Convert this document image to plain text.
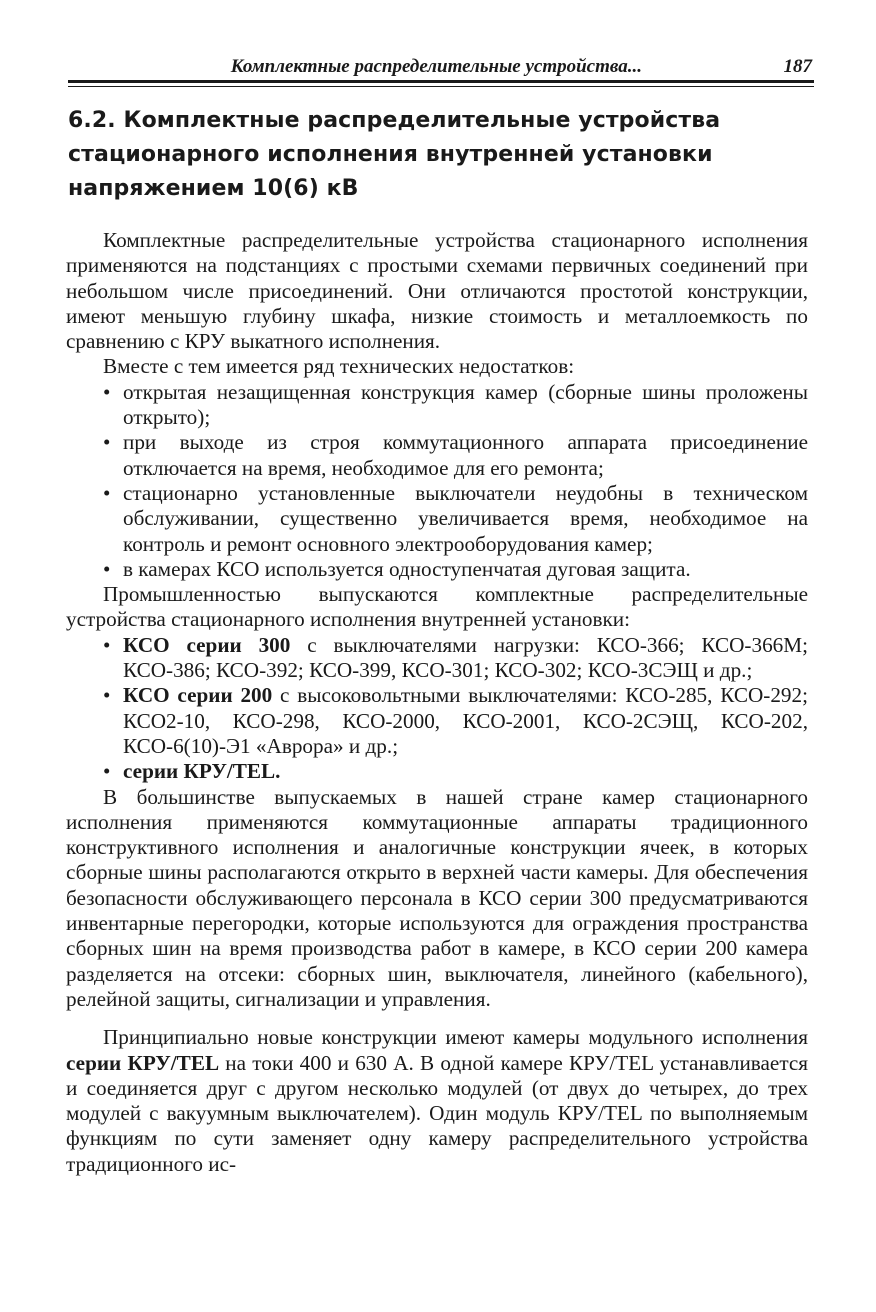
Комплектные распределительные устройства...	187
6.2. Комплектные распределительные устройства стационарного исполнения внутренней установки напряжением 10(6) кВ

Комплектные распределительные устройства стационарного исполнения применяются на подстанциях с простыми схемами первичных соединений при небольшом числе присоединений. Они отличаются простотой конструкции, имеют меньшую глубину шкафа, низкие стоимость и металлоемкость по сравнению с КРУ выкатного исполнения.

Вместе с тем имеется ряд технических недостатков:

• открытая незащищенная конструкция камер (сборные шины проложены открыто);
• при выходе из строя коммутационного аппарата присоединение отключается на время, необходимое для его ремонта;
• стационарно установленные выключатели неудобны в техническом обслуживании, существенно увеличивается время, необходимое на контроль и ремонт основного электрооборудования камер;
• в камерах КСО используется одноступенчатая дуговая защита.

Промышленностью выпускаются комплектные распределительные устройства стационарного исполнения внутренней установки:

• КСО серии 300 с выключателями нагрузки: КСО-366; КСО-366М; КСО-386; КСО-392; КСО-399, КСО-301; КСО-302; КСО-3СЭЩ и др.;
• КСО серии 200 с высоковольтными выключателями: КСО-285, КСО-292; КСО2-10, КСО-298, КСО-2000, КСО-2001, КСО-2СЭЩ, КСО-202, КСО-6(10)-Э1 «Аврора» и др.;
• серии КРУ/TEL.

В большинстве выпускаемых в нашей стране камер стационарного исполнения применяются коммутационные аппараты традиционного конструктивного исполнения и аналогичные конструкции ячеек, в которых сборные шины располагаются открыто в верхней части камеры. Для обеспечения безопасности обслуживающего персонала в КСО серии 300 предусматриваются инвентарные перегородки, которые используются для ограждения пространства сборных шин на время производства работ в камере, в КСО серии 200 камера разделяется на отсеки: сборных шин, выключателя, линейного (кабельного), релейной защиты, сигнализации и управления.

Принципиально новые конструкции имеют камеры модульного исполнения серии КРУ/TEL на токи 400 и 630 А. В одной камере КРУ/TEL устанавливается и соединяется друг с другом несколько модулей (от двух до четырех, до трех модулей с вакуумным выключателем). Один модуль КРУ/TEL по выполняемым функциям по сути заменяет одну камеру распределительного устройства традиционного ис-
